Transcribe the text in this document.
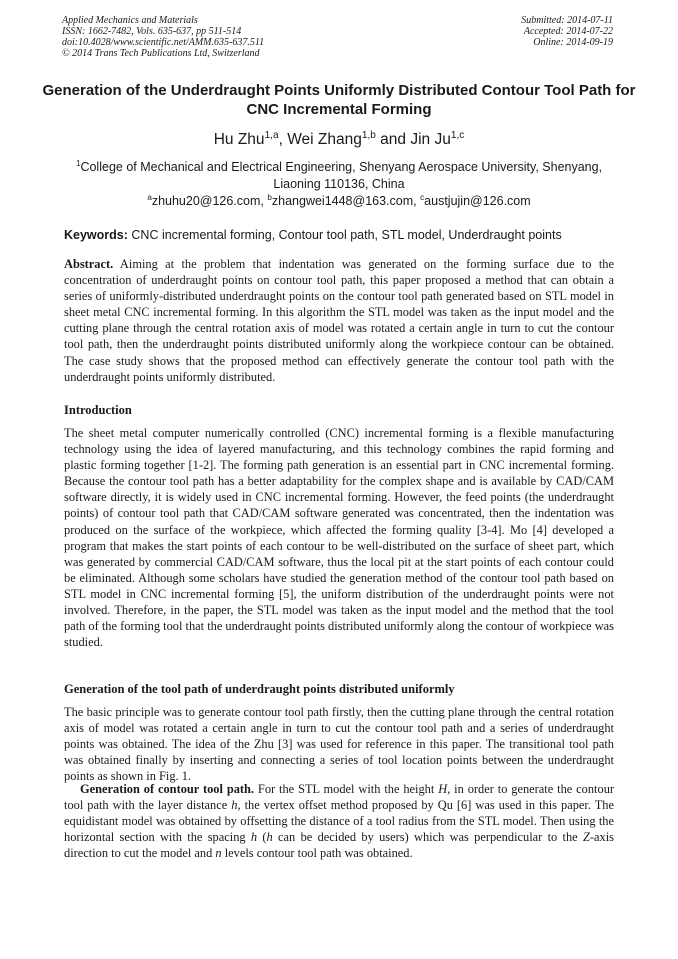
Applied Mechanics and Materials
ISSN: 1662-7482, Vols. 635-637, pp 511-514
doi:10.4028/www.scientific.net/AMM.635-637.511
© 2014 Trans Tech Publications Ltd, Switzerland
Submitted: 2014-07-11
Accepted: 2014-07-22
Online: 2014-09-19
Generation of the Underdraught Points Uniformly Distributed Contour Tool Path for CNC Incremental Forming
Hu Zhu$^{1,a}$, Wei Zhang$^{1,b}$ and Jin Ju$^{1,c}$
$^1$College of Mechanical and Electrical Engineering, Shenyang Aerospace University, Shenyang, Liaoning 110136, China
$^a$zhuhu20@126.com, $^b$zhangwei1448@163.com, $^c$austjujin@126.com
Keywords: CNC incremental forming, Contour tool path, STL model, Underdraught points
Abstract. Aiming at the problem that indentation was generated on the forming surface due to the concentration of underdraught points on contour tool path, this paper proposed a method that can obtain a series of uniformly-distributed underdraught points on the contour tool path generated based on STL model in sheet metal CNC incremental forming. In this algorithm the STL model was taken as the input model and the cutting plane through the central rotation axis of model was rotated a certain angle in turn to cut the contour tool path, then the underdraught points distributed uniformly along the workpiece contour can be obtained. The case study shows that the proposed method can effectively generate the contour tool path with the underdraught points uniformly distributed.
Introduction
The sheet metal computer numerically controlled (CNC) incremental forming is a flexible manufacturing technology using the idea of layered manufacturing, and this technology combines the rapid forming and plastic forming together [1-2]. The forming path generation is an essential part in CNC incremental forming. Because the contour tool path has a better adaptability for the complex shape and is available by CAD/CAM software directly, it is widely used in CNC incremental forming. However, the feed points (the underdraught points) of contour tool path that CAD/CAM software generated was concentrated, then the indentation was produced on the surface of the workpiece, which affected the forming quality [3-4]. Mo [4] developed a program that makes the start points of each contour to be well-distributed on the surface of sheet part, which was generated by commercial CAD/CAM software, thus the local pit at the start points of each contour could be eliminated. Although some scholars have studied the generation method of the contour tool path based on STL model in CNC incremental forming [5], the uniform distribution of the underdraught points were not involved. Therefore, in the paper, the STL model was taken as the input model and the method that the tool path of the forming tool that the underdraught points distributed uniformly along the contour of workpiece was studied.
Generation of the tool path of underdraught points distributed uniformly
The basic principle was to generate contour tool path firstly, then the cutting plane through the central rotation axis of model was rotated a certain angle in turn to cut the contour tool path and a series of underdraught points was obtained. The idea of the Zhu [3] was used for reference in this paper. The transitional tool path was obtained finally by inserting and connecting a series of tool location points between the underdraught points as shown in Fig. 1.
Generation of contour tool path. For the STL model with the height H, in order to generate the contour tool path with the layer distance h, the vertex offset method proposed by Qu [6] was used in this paper. The equidistant model was obtained by offsetting the distance of a tool radius from the STL model. Then using the horizontal section with the spacing h (h can be decided by users) which was perpendicular to the Z-axis direction to cut the model and n levels contour tool path was obtained.
